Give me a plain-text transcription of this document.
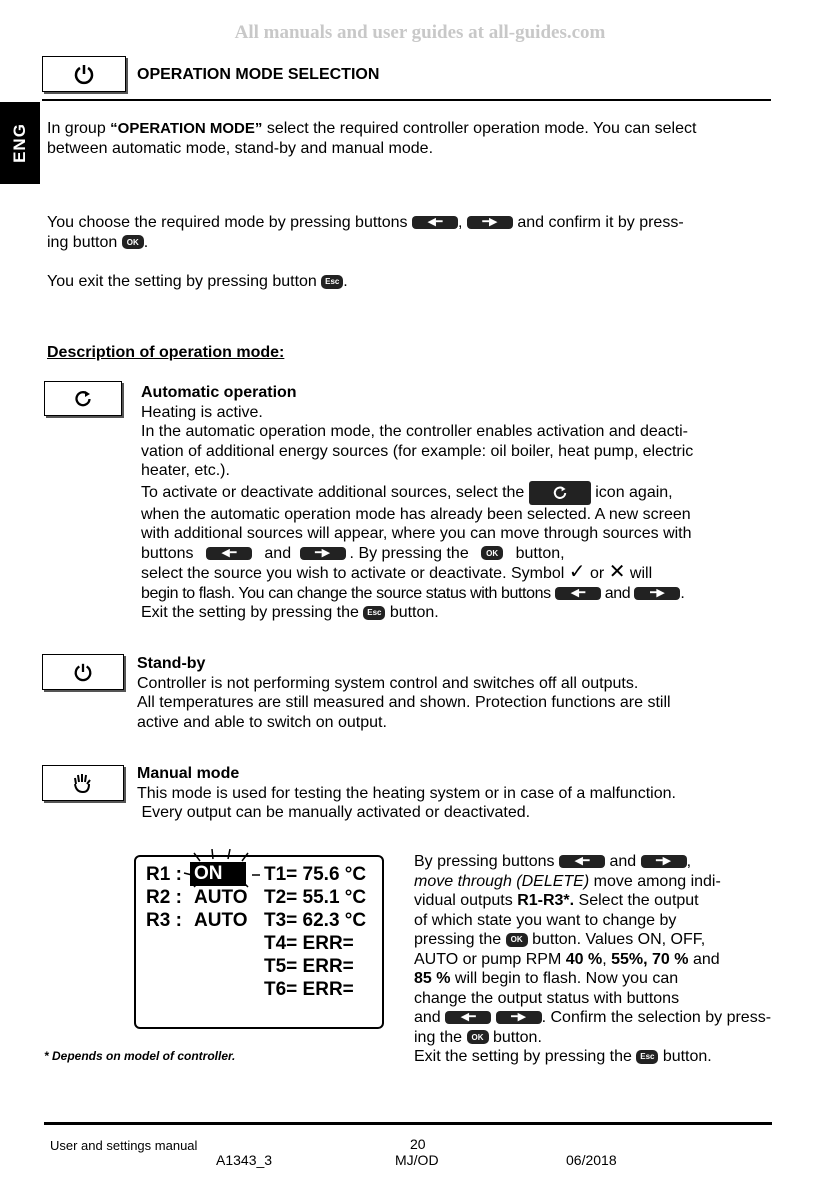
All manuals and user guides at all-guides.com
ENG
OPERATION MODE SELECTION
In group “OPERATION MODE” select the required controller operation mode. You can select
between automatic mode, stand-by and manual mode.
You choose the required mode by pressing buttons ◀━ , ━▶ and confirm it by press-
ing button OK .
You exit the setting by pressing button Esc .
Description of operation mode:
Automatic operation
Heating is active.
In the automatic operation mode, the controller enables activation and deacti-
vation of additional energy sources (for example: oil boiler, heat pump, electric
heater, etc.).
To activate or deactivate additional sources, select the	icon again,
when the automatic operation mode has already been selected. A new screen
with additional sources will appear, where you can move through sources with
buttons	◀━ and ━▶ . By pressing the OK button,
select the source you wish to activate or deactivate. Symbol ✓ or ✕ will
begin to flash. You can change the source status with buttons ◀━ and ━▶ .
Exit the setting by pressing the Esc button.
Stand-by
Controller is not performing system control and switches off all outputs.
All temperatures are still measured and shown. Protection functions are still
active and able to switch on output.
Manual mode
This mode is used for testing the heating system or in case of a malfunction.
Every output can be manually activated or deactivated.
R1 : ON	T1= 75.6 °C
R2 : AUTO T2= 55.1 °C
R3 : AUTO T3= 62.3 °C
T4= ERR=
T5= ERR=
T6= ERR=
* Depends on model of controller.
By pressing buttons ◀━ and ━▶ ,
move through (DELETE) move among indi-
vidual outputs R1-R3*. Select the output
of which state you want to change by
pressing the OK button. Values ON, OFF,
AUTO or pump RPM 40 %, 55%, 70 % and
85 % will begin to flash. Now you can
change the output status with buttons
and ◀━	━▶ . Confirm the selection by press-
ing the OK button.
Exit the setting by pressing the Esc button.
User and settings manual	20
A1343_3	MJ/OD	06/2018
